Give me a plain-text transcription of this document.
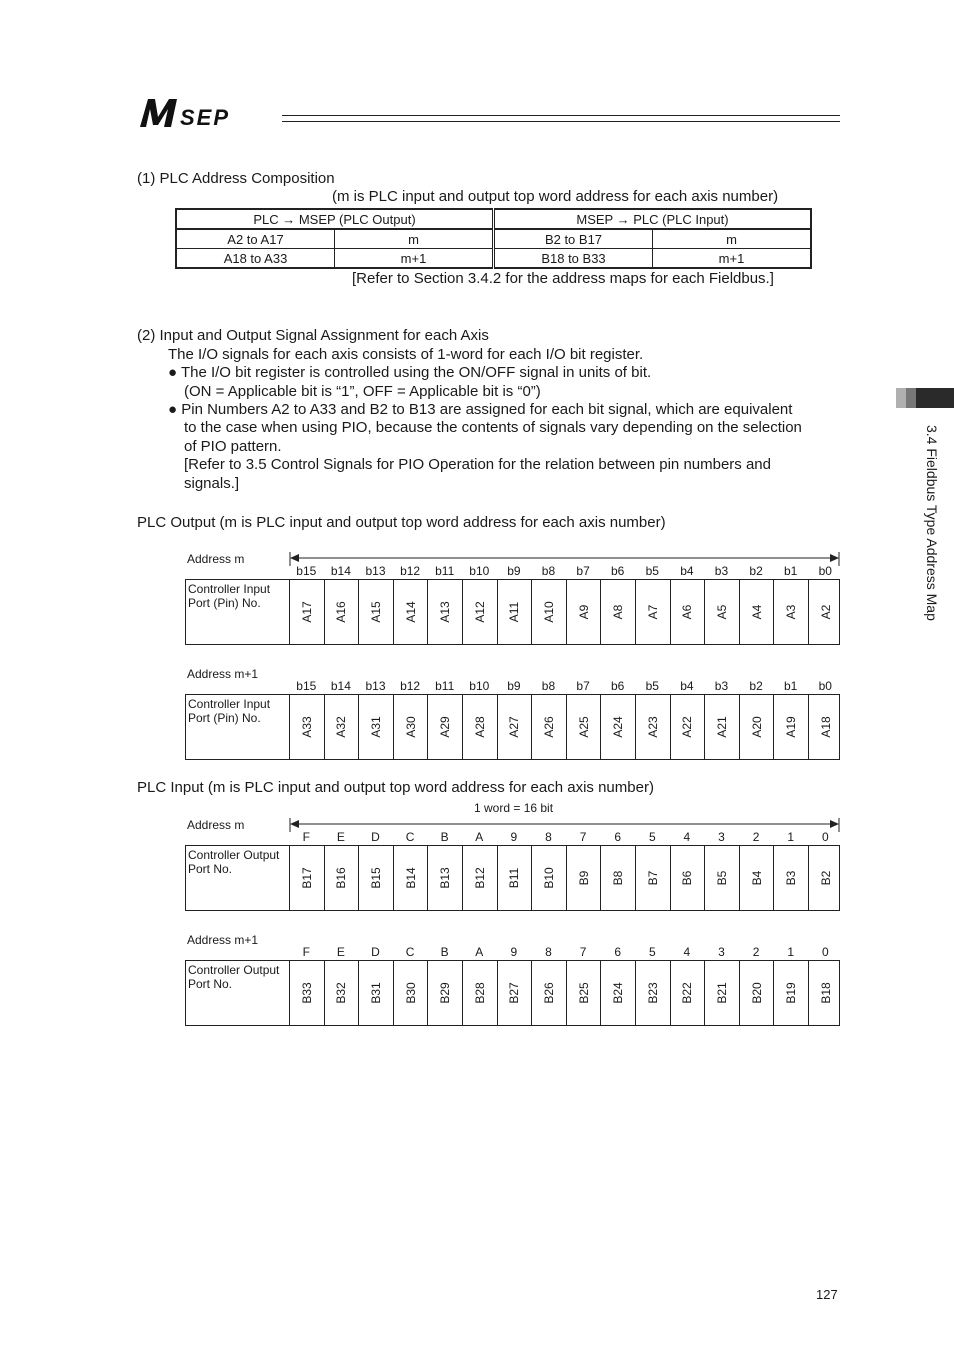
SEP
(1) PLC Address Composition
(m is PLC input and output top word address for each axis number)
PLC → MSEP (PLC Output)		MSEP → PLC (PLC Input)	
A2 to A17	m	B2 to B17	m
A18 to A33	m+1	B18 to B33	m+1
[Refer to Section 3.4.2 for the address maps for each Fieldbus.]
(2) Input and Output Signal Assignment for each Axis
The I/O signals for each axis consists of 1-word for each I/O bit register.
● The I/O bit register is controlled using the ON/OFF signal in units of bit.
(ON = Applicable bit is “1”, OFF = Applicable bit is “0”)
● Pin Numbers A2 to A33 and B2 to B13 are assigned for each bit signal, which are equivalent
to the case when using PIO, because the contents of signals vary depending on the selection
of PIO pattern.
[Refer to 3.5 Control Signals for PIO Operation for the relation between pin numbers and
signals.]
PLC Output (m is PLC input and output top word address for each axis number)
PLC Input (m is PLC input and output top word address for each axis number)
1 word = 16 bit
3.4 Fieldbus Type Address Map
127
Address m
b15	b14	b13	b12	b11	b10	b9	b8	b7	b6	b5	b4	b3	b2	b1	b0
Controller Input
Port (Pin) No.	A17 A16 A15 A14 A13 A12 A11 A10 A9 A8 A7 A6 A5 A4 A3 A2
Address m+1
b15	b14	b13	b12	b11	b10	b9	b8	b7	b6	b5	b4	b3	b2	b1	b0
Controller Input
Port (Pin) No.	A33 A32 A31 A30 A29 A28 A27 A26 A25 A24 A23 A22 A21 A20 A19 A18
Address m
F	E	D	C	B	A	9	8	7	6	5	4	3	2	1	0
Controller Output
Port No.	B17 B16 B15 B14 B13 B12 B11 B10 B9 B8 B7 B6 B5 B4 B3 B2
Address m+1
F	E	D	C	B	A	9	8	7	6	5	4	3	2	1	0
Controller Output
Port No.	B33 B32 B31 B30 B29 B28 B27 B26 B25 B24 B23 B22 B21 B20 B19 B18
